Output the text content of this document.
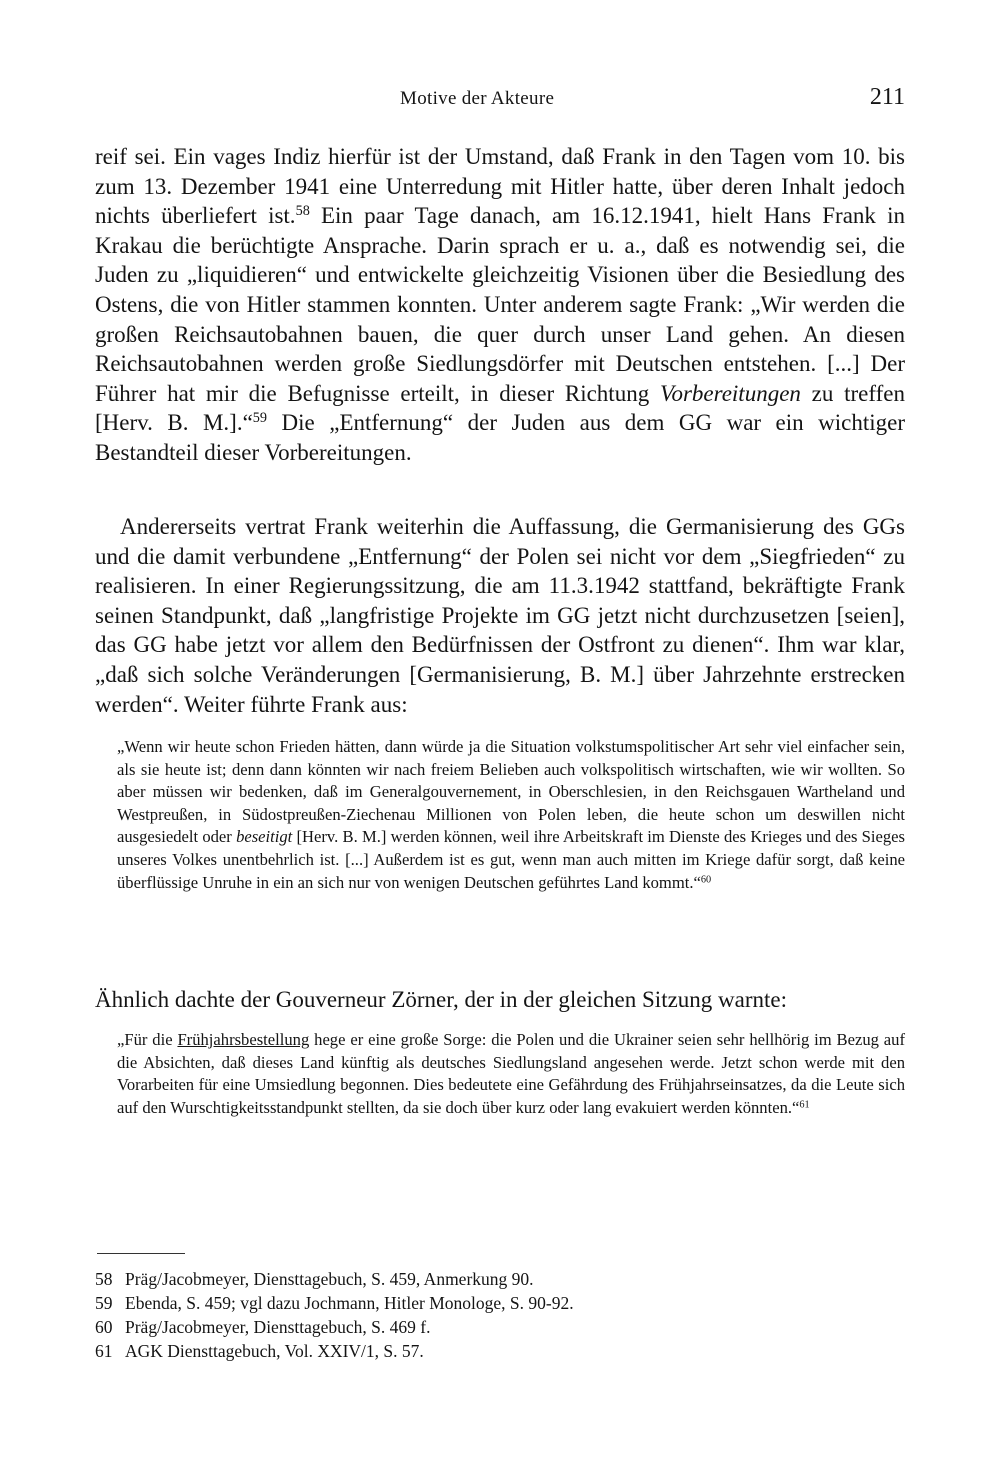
Motive der Akteure	211

reif sei. Ein vages Indiz hierfür ist der Umstand, daß Frank in den Tagen vom 10. bis zum 13. Dezember 1941 eine Unterredung mit Hitler hatte, über deren Inhalt jedoch nichts überliefert ist.$^{58}$ Ein paar Tage danach, am 16.12.1941, hielt Hans Frank in Krakau die berüchtigte Ansprache. Darin sprach er u. a., daß es notwendig sei, die Juden zu „liquidieren“ und entwickelte gleichzeitig Visionen über die Besiedlung des Ostens, die von Hitler stammen konnten. Unter anderem sagte Frank: „Wir werden die großen Reichsautobahnen bauen, die quer durch unser Land gehen. An diesen Reichsautobahnen werden große Siedlungsdörfer mit Deutschen entstehen. [...] Der Führer hat mir die Befugnisse erteilt, in dieser Richtung Vorbereitungen zu treffen [Herv. B. M.].“$^{59}$ Die „Entfernung“ der Juden aus dem GG war ein wichtiger Bestandteil dieser Vorbereitungen.

Andererseits vertrat Frank weiterhin die Auffassung, die Germanisierung des GGs und die damit verbundene „Entfernung“ der Polen sei nicht vor dem „Siegfrieden“ zu realisieren. In einer Regierungssitzung, die am 11.3.1942 stattfand, bekräftigte Frank seinen Standpunkt, daß „langfristige Projekte im GG jetzt nicht durchzusetzen [seien], das GG habe jetzt vor allem den Bedürfnissen der Ostfront zu dienen“. Ihm war klar, „daß sich solche Veränderungen [Germanisierung, B. M.] über Jahrzehnte erstrecken werden“. Weiter führte Frank aus:

„Wenn wir heute schon Frieden hätten, dann würde ja die Situation volkstumspolitischer Art sehr viel einfacher sein, als sie heute ist; denn dann könnten wir nach freiem Belieben auch volkspolitisch wirtschaften, wie wir wollten. So aber müssen wir bedenken, daß im Generalgouvernement, in Oberschlesien, in den Reichsgauen Wartheland und Westpreußen, in Südostpreußen-Ziechenau Millionen von Polen leben, die heute schon um deswillen nicht ausgesiedelt oder beseitigt [Herv. B. M.] werden können, weil ihre Arbeitskraft im Dienste des Krieges und des Sieges unseres Volkes unentbehrlich ist. [...] Außerdem ist es gut, wenn man auch mitten im Kriege dafür sorgt, daß keine überflüssige Unruhe in ein an sich nur von wenigen Deutschen geführtes Land kommt.“$^{60}$

Ähnlich dachte der Gouverneur Zörner, der in der gleichen Sitzung warnte:

„Für die Frühjahrsbestellung hege er eine große Sorge: die Polen und die Ukrainer seien sehr hellhörig im Bezug auf die Absichten, daß dieses Land künftig als deutsches Siedlungsland angesehen werde. Jetzt schon werde mit den Vorarbeiten für eine Umsiedlung begonnen. Dies bedeutete eine Gefährdung des Frühjahrseinsatzes, da die Leute sich auf den Wurschtigkeitsstandpunkt stellten, da sie doch über kurz oder lang evakuiert werden könnten.“$^{61}$

58 Präg/Jacobmeyer, Diensttagebuch, S. 459, Anmerkung 90.
59 Ebenda, S. 459; vgl dazu Jochmann, Hitler Monologe, S. 90-92.
60 Präg/Jacobmeyer, Diensttagebuch, S. 469 f.
61 AGK Diensttagebuch, Vol. XXIV/1, S. 57.
